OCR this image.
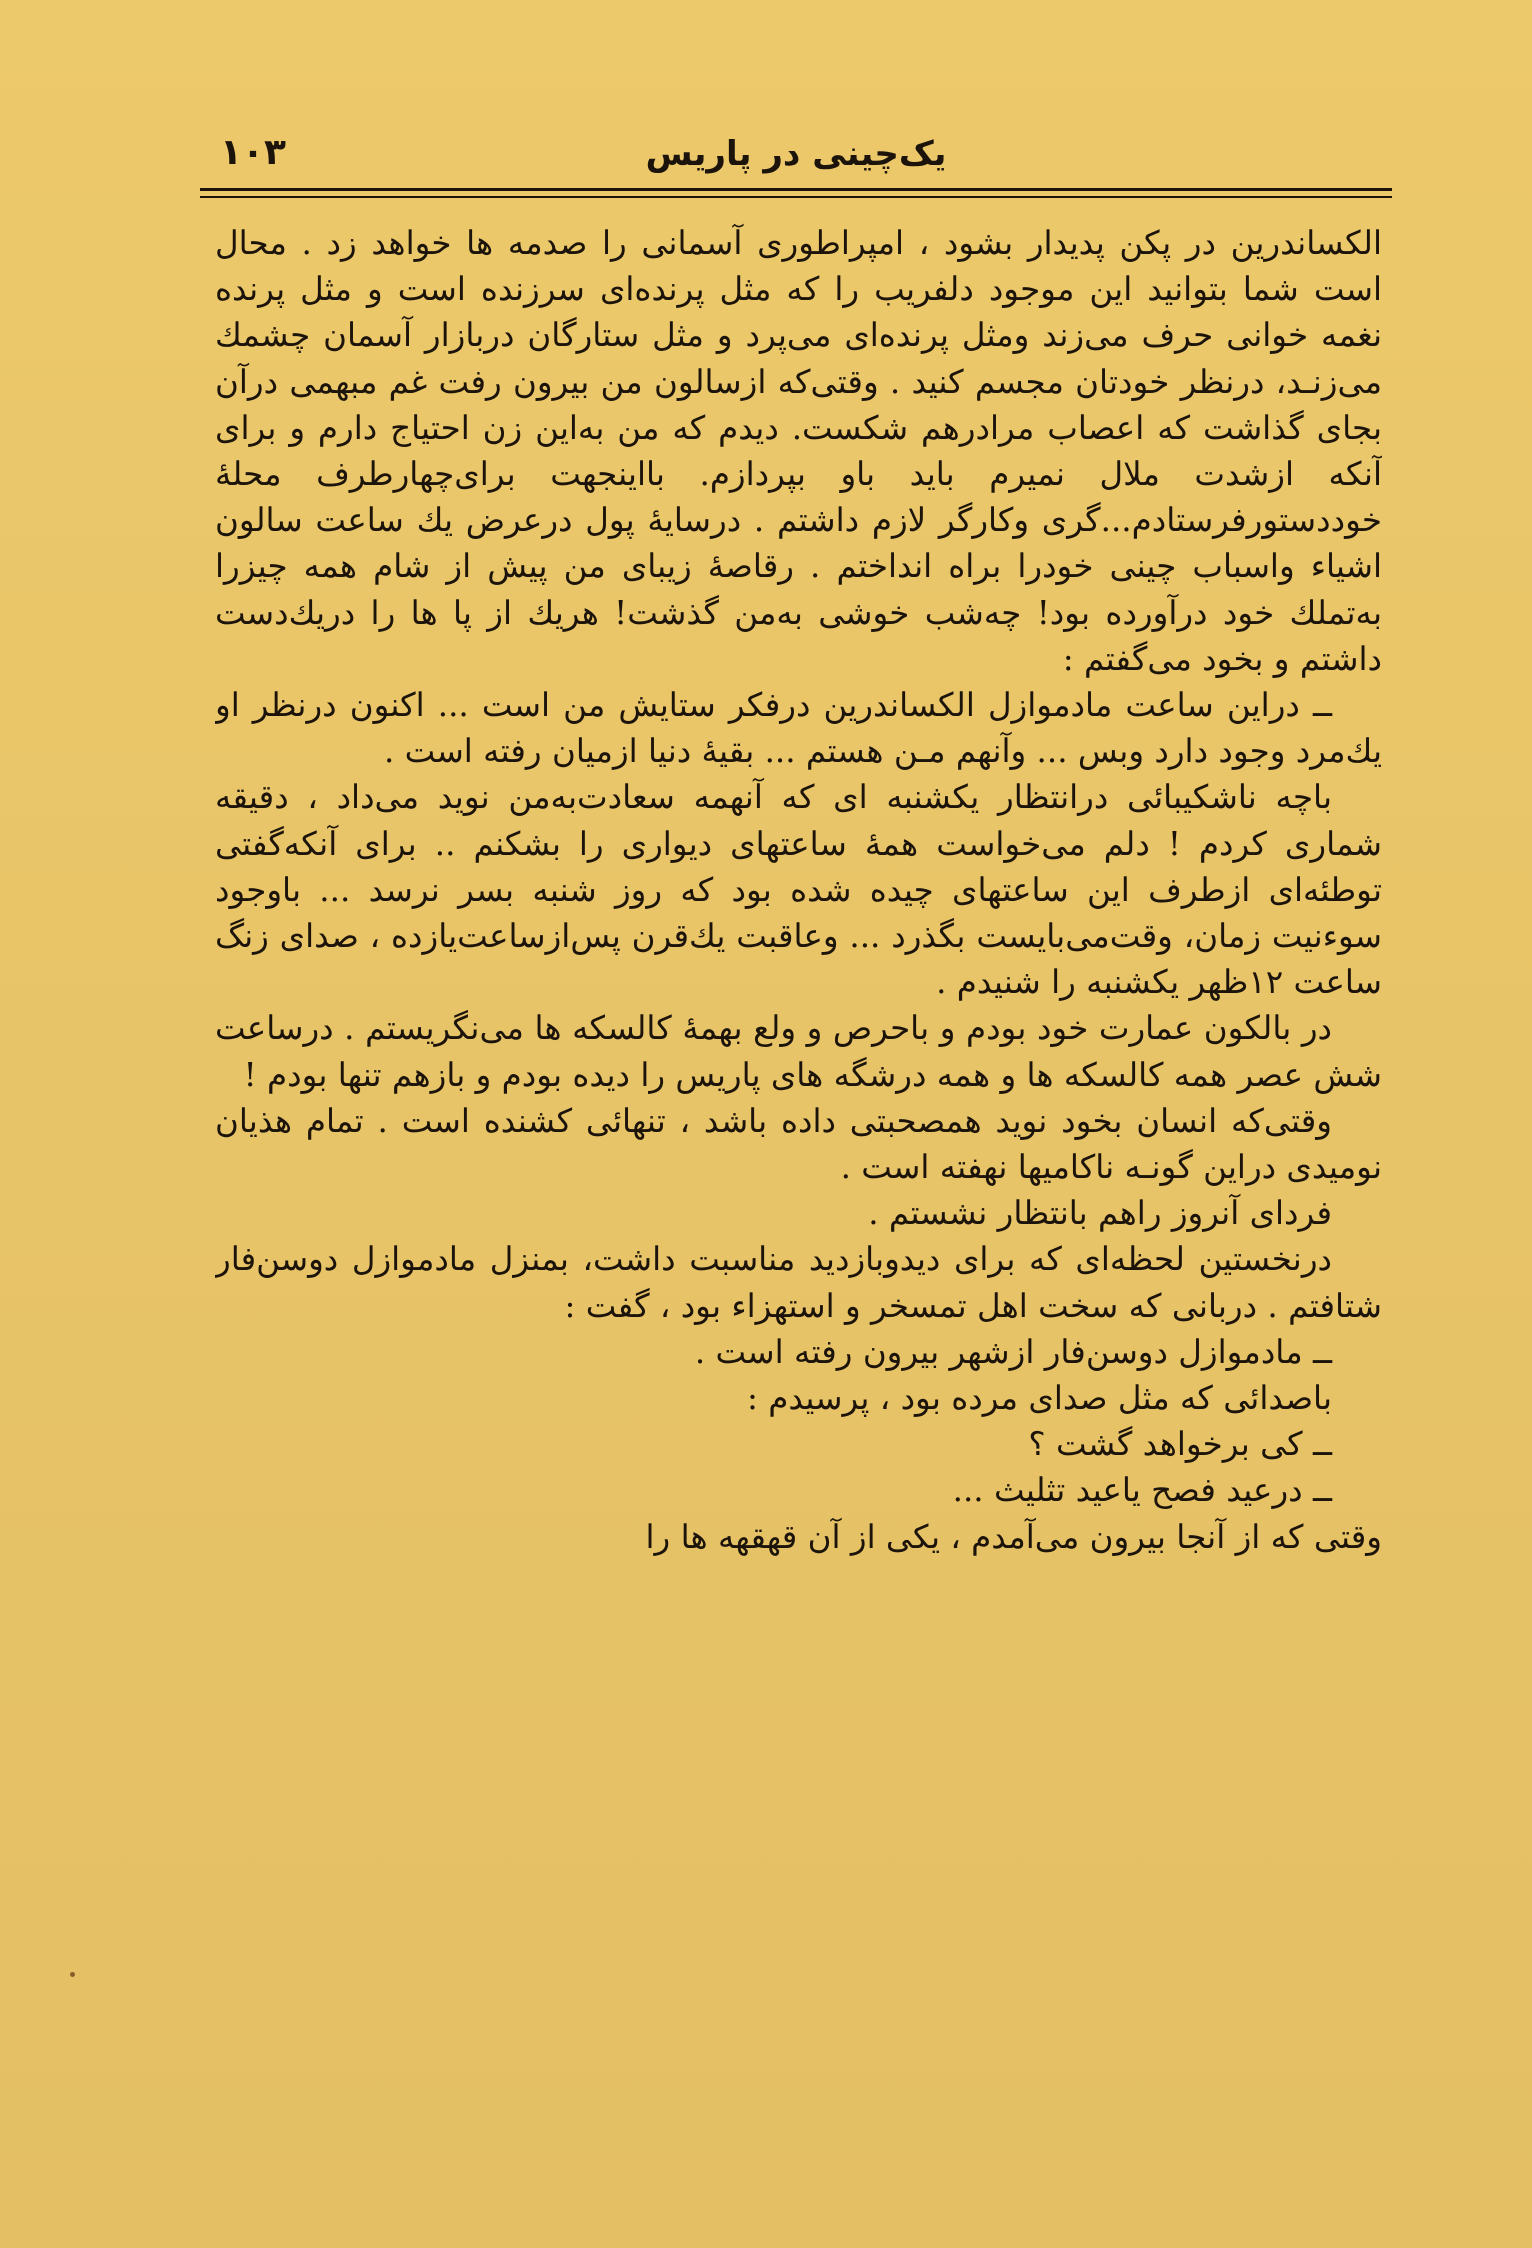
یک‌چینی در پاریس
۱۰۳

الکساندرین در پکن پدیدار بشود ، امپراطوری آسمانی را صدمه ها خواهد زد . محال است شما بتوانید این موجود دلفریب را که مثل پرنده‌ای سرزنده است و مثل پرنده نغمه خوانی حرف می‌زند ومثل پرنده‌ای می‌پرد و مثل ستارگان دربازار آسمان چشمك می‌زنـد، درنظر خودتان مجسم کنید . وقتی‌که ازسالون من بیرون رفت غم مبهمی درآن بجای گذاشت که اعصاب مرادرهم شکست. دیدم که من به‌این زن احتیاج دارم و برای آنکه ازشدت ملال نمیرم باید باو بپردازم. بااینجهت برای‌چهارطرف محلهٔ خوددستورفرستادم...گری وکارگر لازم داشتم . درسایهٔ پول درعرض یك ساعت سالون اشیاء واسباب چینی خودرا براه انداختم . رقاصهٔ زیبای من پیش از شام همه چیزرا به‌تملك خود درآورده بود! چه‌شب خوشی به‌من گذشت! هریك از پا ها را دریك‌دست داشتم و بخود می‌گفتم :

ــ دراین ساعت مادموازل الکساندرین درفکر ستایش من است ... اکنون درنظر او یك‌مرد وجود دارد وبس ... وآنهم مـن هستم ... بقیهٔ دنیا ازمیان رفته است .

باچه ناشکیبائی درانتظار یکشنبه ای که آنهمه سعادت‌به‌من نوید می‌داد ، دقیقه شماری کردم ! دلم می‌خواست همهٔ ساعتهای دیواری را بشکنم .. برای آنکه‌گفتی توطئه‌ای ازطرف این ساعتهای چیده شده بود که روز شنبه بسر نرسد ... باوجود سوءنیت زمان، وقت‌می‌بایست بگذرد ... وعاقبت یك‌قرن پس‌ازساعت‌یازده ، صدای زنگ ساعت ۱۲ظهر یکشنبه را شنیدم .

در بالکون عمارت خود بودم و باحرص و ولع بهمهٔ کالسکه ها می‌نگریستم . درساعت شش عصر همه کالسکه ها و همه درشگه های پاریس را دیده بودم و بازهم تنها بودم !

وقتی‌که انسان بخود نوید همصحبتی داده باشد ، تنهائی کشنده است . تمام هذیان نومیدی دراین گونـه ناکامیها نهفته است .

فردای آنروز راهم بانتظار نشستم .

درنخستین لحظه‌ای که برای دیدوبازدید مناسبت داشت، بمنزل مادموازل دوسن‌فار شتافتم . دربانی که سخت اهل تمسخر و استهزاء بود ، گفت :

ــ مادموازل دوسن‌فار ازشهر بیرون رفته است .

باصدائی که مثل صدای مرده بود ، پرسیدم :

ــ کی برخواهد گشت ؟

ــ درعید فصح یاعید تثلیث ...

وقتی که از آنجا بیرون می‌آمدم ، یکی از آن قهقهه ها را
